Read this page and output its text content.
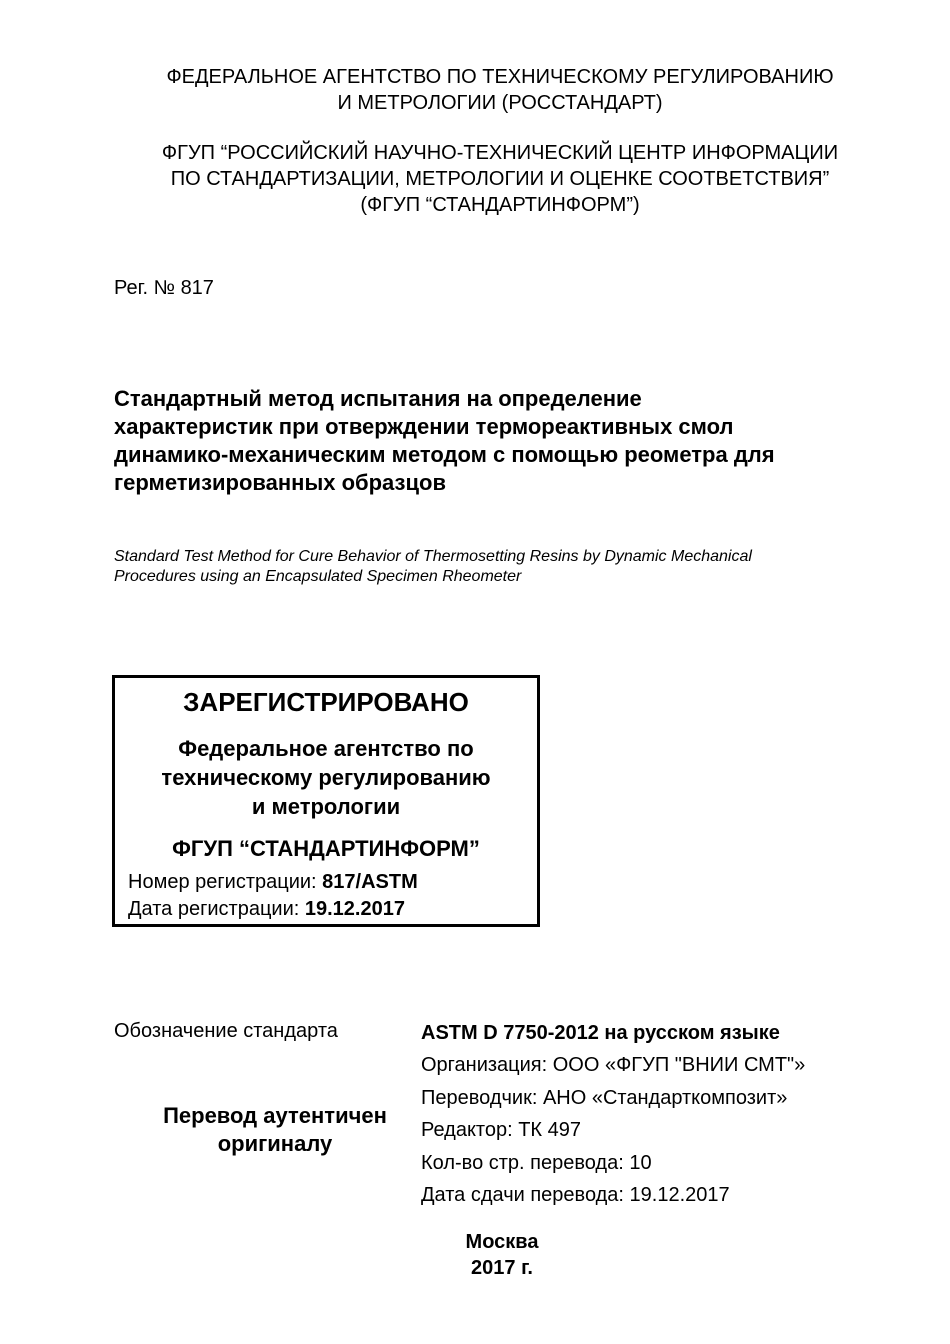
ФЕДЕРАЛЬНОЕ АГЕНТСТВО ПО ТЕХНИЧЕСКОМУ РЕГУЛИРОВАНИЮ
И МЕТРОЛОГИИ (РОССТАНДАРТ)
ФГУП “РОССИЙСКИЙ НАУЧНО-ТЕХНИЧЕСКИЙ ЦЕНТР ИНФОРМАЦИИ
ПО СТАНДАРТИЗАЦИИ, МЕТРОЛОГИИ И ОЦЕНКЕ СООТВЕТСТВИЯ”
(ФГУП “СТАНДАРТИНФОРМ”)
Рег. № 817
Стандартный метод испытания на определение
характеристик при отверждении термореактивных смол
динамико-механическим методом с помощью реометра для
герметизированных образцов
Standard Test Method for Cure Behavior of Thermosetting Resins by Dynamic Mechanical
Procedures using an Encapsulated Specimen Rheometer
ЗАРЕГИСТРИРОВАНО
Федеральное агентство по
техническому регулированию
и метрологии
ФГУП “СТАНДАРТИНФОРМ”
Номер регистрации: 817/ASTM
Дата регистрации: 19.12.2017
Обозначение стандарта	ASTM D 7750-2012 на русском языке
Организация: ООО «ФГУП "ВНИИ СМТ"»
Переводчик: АНО «Стандарткомпозит»
Редактор: ТК 497
Кол-во стр. перевода: 10
Дата сдачи перевода: 19.12.2017
Перевод аутентичен
оригиналу
Москва
2017 г.
